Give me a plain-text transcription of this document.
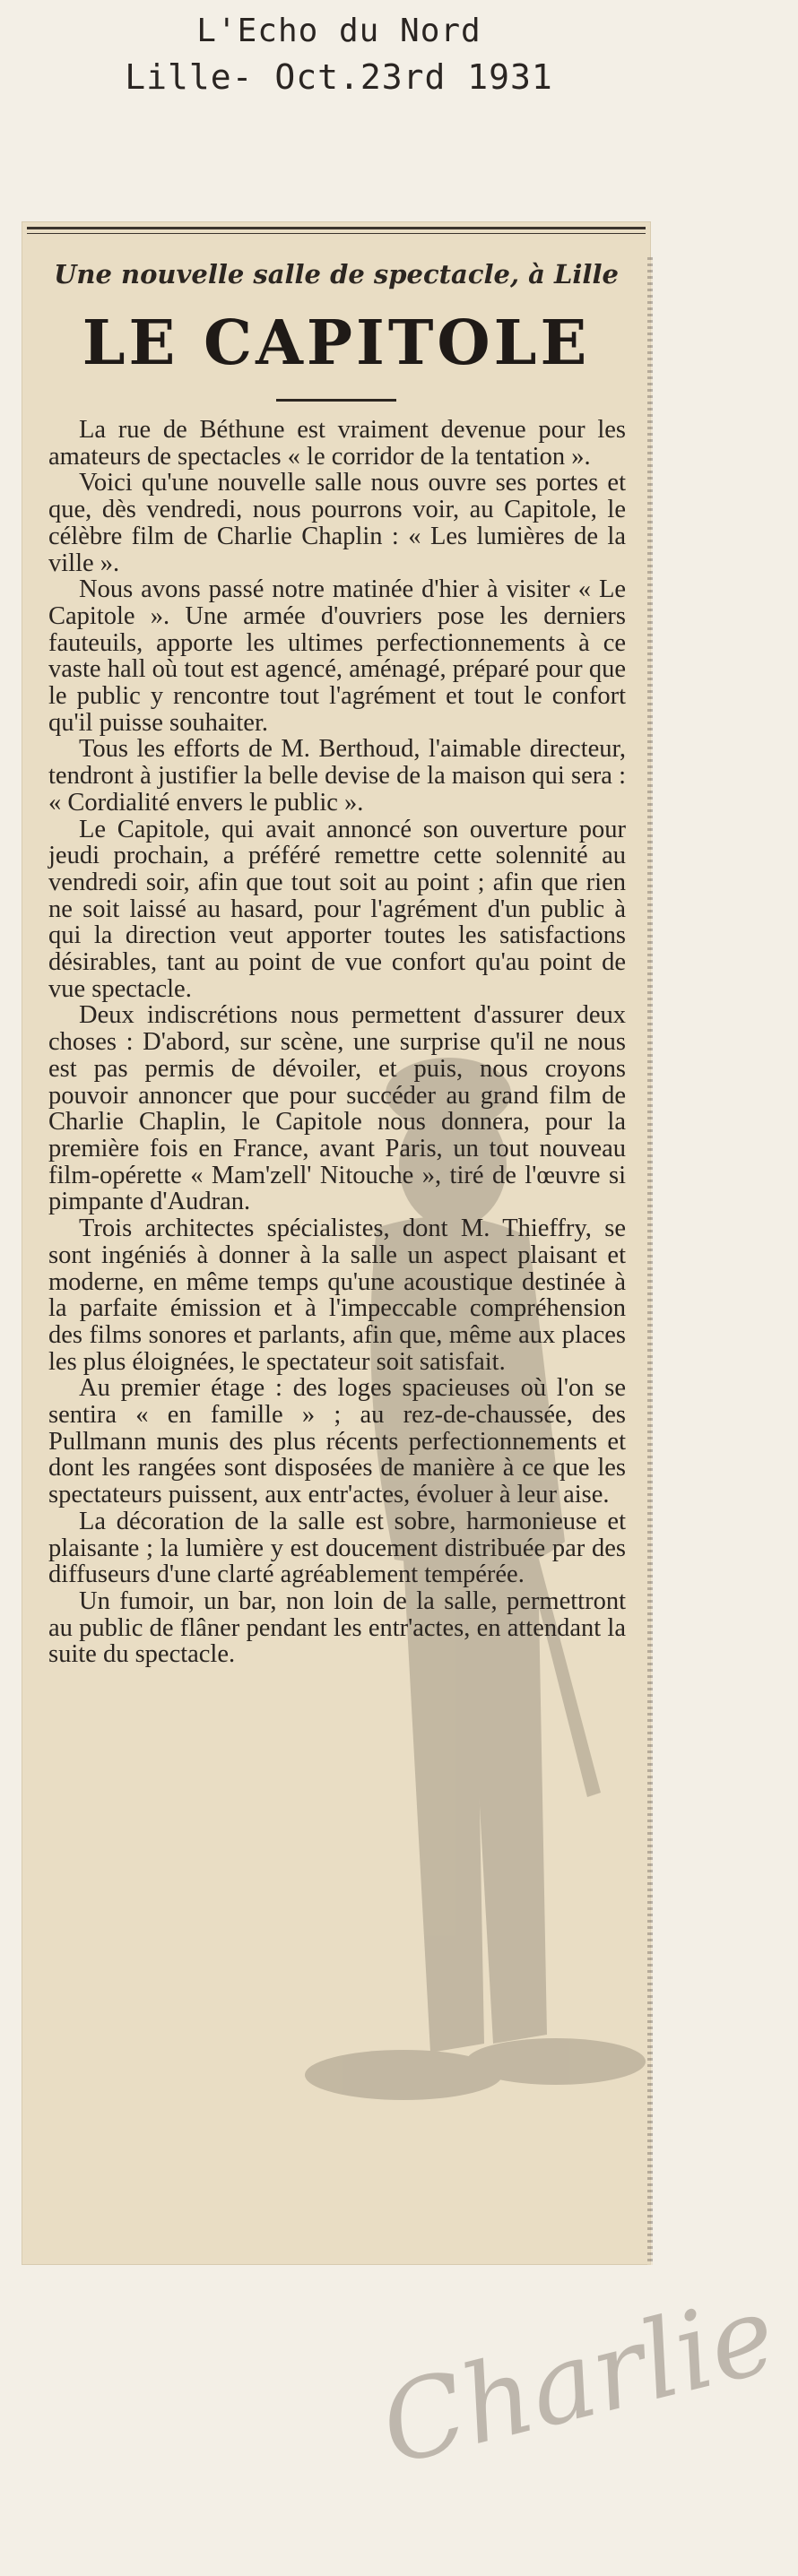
L'Echo du Nord
Lille- Oct.23rd 1931
Une nouvelle salle de spectacle, à Lille
LE CAPITOLE

La rue de Béthune est vraiment devenue pour les amateurs de spectacles « le corridor de la tentation ».

Voici qu'une nouvelle salle nous ouvre ses portes et que, dès vendredi, nous pourrons voir, au Capitole, le célèbre film de Charlie Chaplin : « Les lumières de la ville ».

Nous avons passé notre matinée d'hier à visiter « Le Capitole ». Une armée d'ouvriers pose les derniers fauteuils, apporte les ultimes perfectionnements à ce vaste hall où tout est agencé, aménagé, préparé pour que le public y rencontre tout l'agrément et tout le confort qu'il puisse souhaiter.

Tous les efforts de M. Berthoud, l'aimable directeur, tendront à justifier la belle devise de la maison qui sera : « Cordialité envers le public ».

Le Capitole, qui avait annoncé son ouverture pour jeudi prochain, a préféré remettre cette solennité au vendredi soir, afin que tout soit au point ; afin que rien ne soit laissé au hasard, pour l'agrément d'un public à qui la direction veut apporter toutes les satisfactions désirables, tant au point de vue confort qu'au point de vue spectacle.

Deux indiscrétions nous permettent d'assurer deux choses : D'abord, sur scène, une surprise qu'il ne nous est pas permis de dévoiler, et puis, nous croyons pouvoir annoncer que pour succéder au grand film de Charlie Chaplin, le Capitole nous donnera, pour la première fois en France, avant Paris, un tout nouveau film-opérette « Mam'zell' Nitouche », tiré de l'œuvre si pimpante d'Audran.

Trois architectes spécialistes, dont M. Thieffry, se sont ingéniés à donner à la salle un aspect plaisant et moderne, en même temps qu'une acoustique destinée à la parfaite émission et à l'impeccable compréhension des films sonores et parlants, afin que, même aux places les plus éloignées, le spectateur soit satisfait.

Au premier étage : des loges spacieuses où l'on se sentira « en famille » ; au rez-de-chaussée, des Pullmann munis des plus récents perfectionnements et dont les rangées sont disposées de manière à ce que les spectateurs puissent, aux entr'actes, évoluer à leur aise.

La décoration de la salle est sobre, harmonieuse et plaisante ; la lumière y est doucement distribuée par des diffuseurs d'une clarté agréablement tempérée.

Un fumoir, un bar, non loin de la salle, permettront au public de flâner pendant les entr'actes, en attendant la suite du spectacle.

Charlie
